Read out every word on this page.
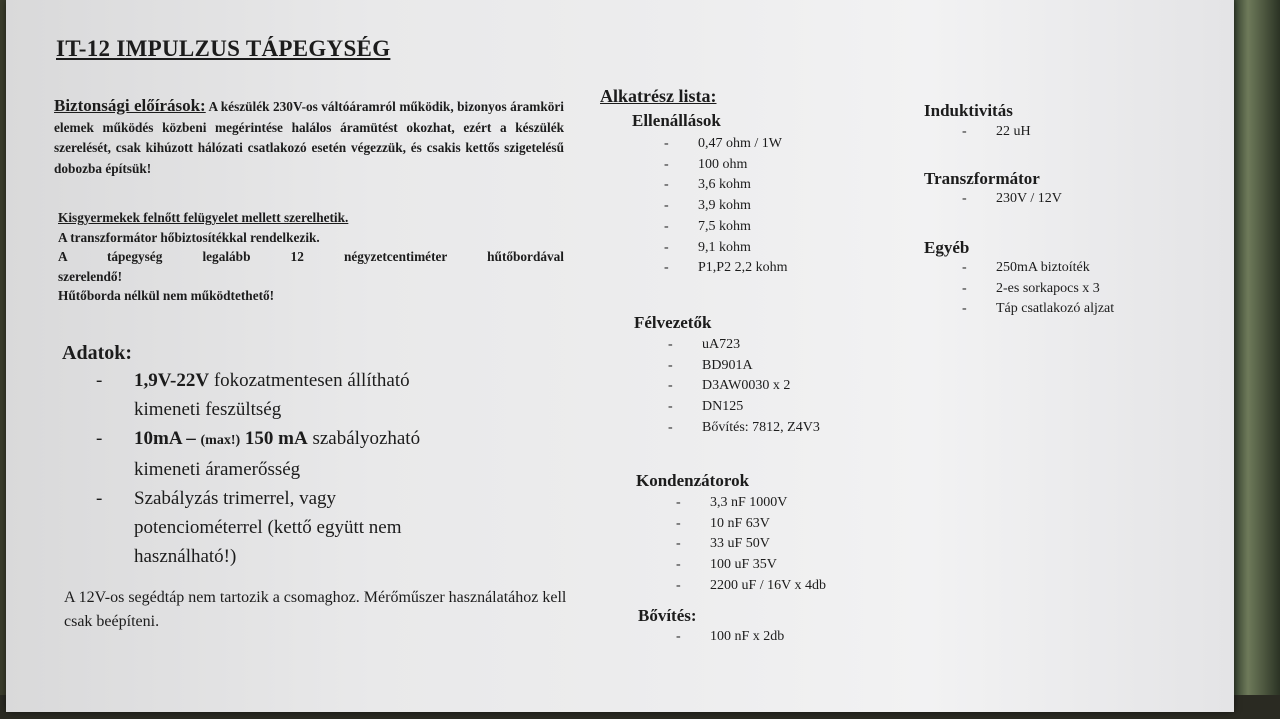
IT-12 IMPULZUS TÁPEGYSÉG
Biztonsági előírások: A készülék 230V-os váltóáramról működik, bizonyos áramköri elemek működés közbeni megérintése halálos áramütést okozhat, ezért a készülék szerelését, csak kihúzott hálózati csatlakozó esetén végezzük, és csakis kettős szigetelésű dobozba építsük!
Kisgyermekek felnőtt felügyelet mellett szerelhetik.
A transzformátor hőbiztosítékkal rendelkezik.
A tápegység legalább 12 négyzetcentiméter hűtőbordával
szerelendő!
Hűtőborda nélkül nem működtethető!
Adatok:
- 1,9V-22V fokozatmentesen állítható
kimeneti feszültség
- 10mA – (max!) 150 mA szabályozható
kimeneti áramerősség
- Szabályzás trimerrel, vagy
potenciométerrel (kettő együtt nem
használható!)
A 12V-os segédtáp nem tartozik a csomaghoz. Mérőműszer használatához kell csak beépíteni.
Alkatrész lista:
Ellenállások
-	0,47 ohm / 1W
-	100 ohm
-	3,6 kohm
-	3,9 kohm
-	7,5 kohm
-	9,1 kohm
-	P1,P2 2,2 kohm
Félvezetők
-	uA723
-	BD901A
-	D3AW0030 x 2
-	DN125
-	Bővítés: 7812, Z4V3
Kondenzátorok
-	3,3 nF 1000V
-	10 nF 63V
-	33 uF 50V
-	100 uF 35V
-	2200 uF / 16V x 4db
Bővítés:
-	100 nF x 2db
Induktivitás
-	22 uH
Transzformátor
-	230V / 12V
Egyéb
-	250mA biztoíték
-	2-es sorkapocs x 3
-	Táp csatlakozó aljzat
